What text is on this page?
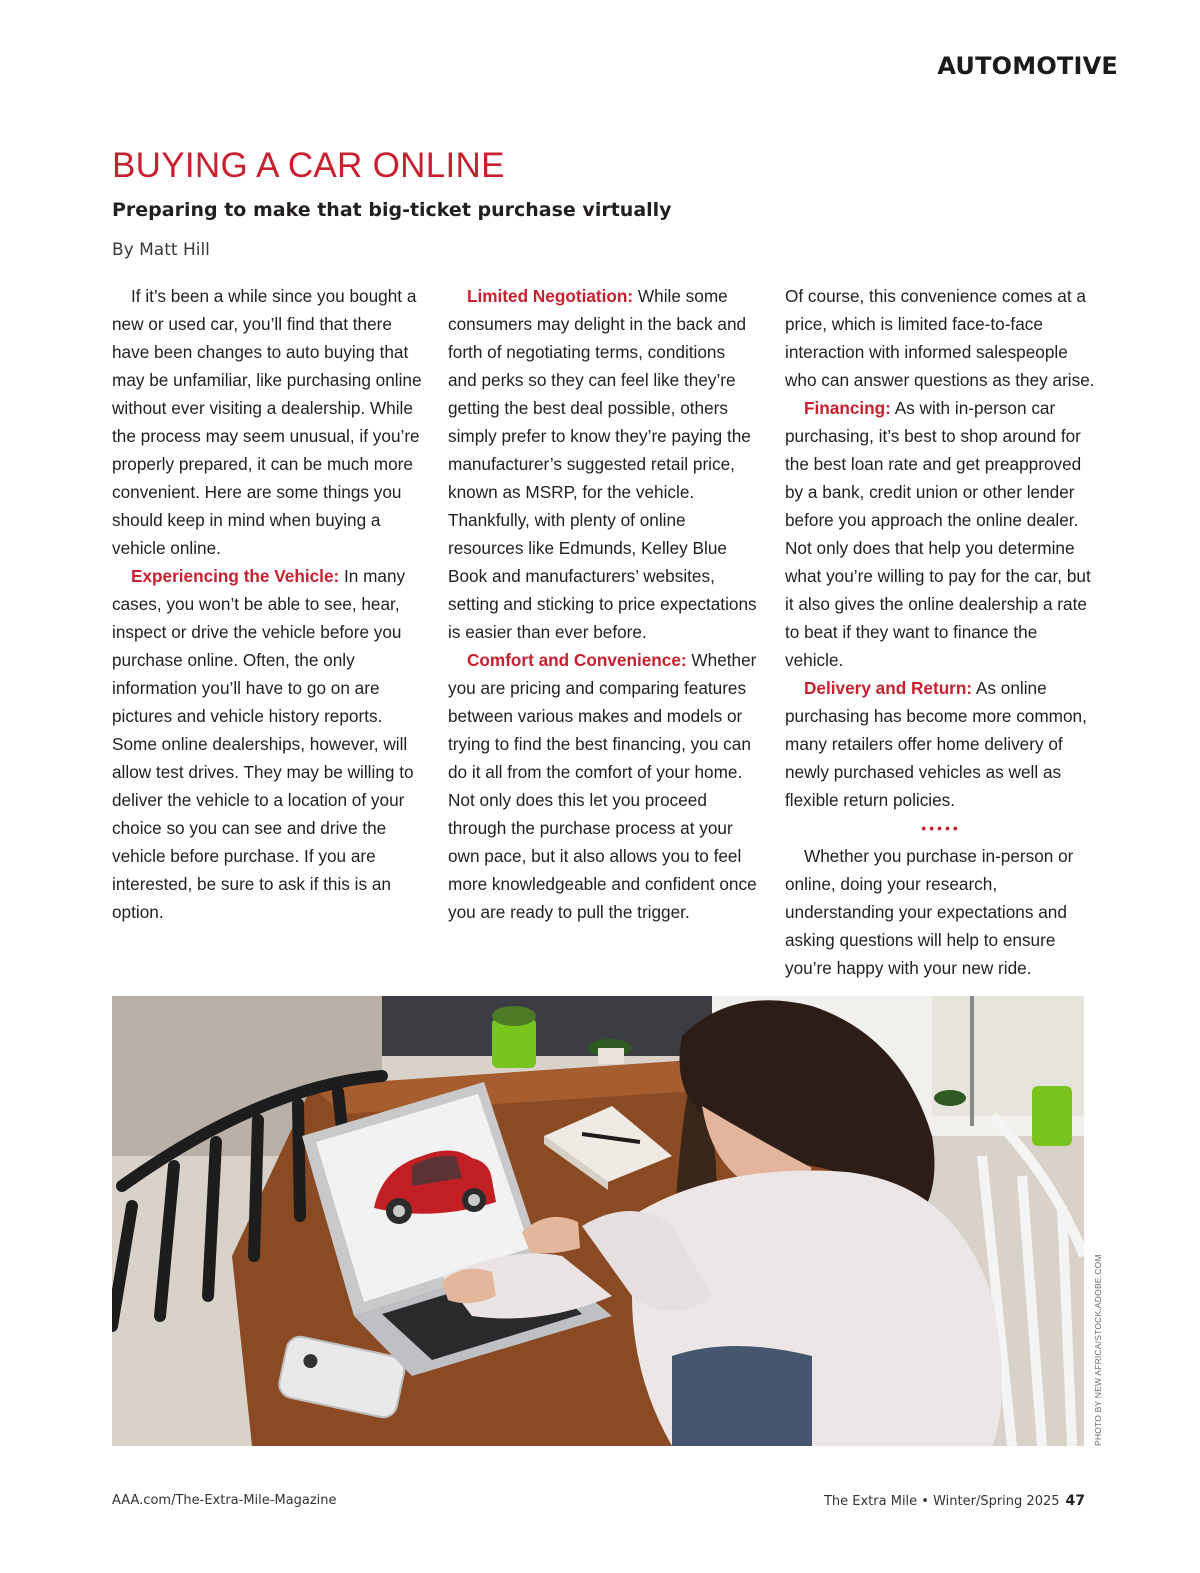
AUTOMOTIVE
BUYING A CAR ONLINE
Preparing to make that big-ticket purchase virtually
By Matt Hill

If it’s been a while since you bought a new or used car, you’ll find that there have been changes to auto buying that may be unfamiliar, like purchasing online without ever visiting a dealership. While the process may seem unusual, if you’re properly prepared, it can be much more convenient. Here are some things you should keep in mind when buying a vehicle online.

Experiencing the Vehicle: In many cases, you won’t be able to see, hear, inspect or drive the vehicle before you purchase online. Often, the only information you’ll have to go on are pictures and vehicle history reports. Some online dealerships, however, will allow test drives. They may be willing to deliver the vehicle to a location of your choice so you can see and drive the vehicle before purchase. If you are interested, be sure to ask if this is an option.

Limited Negotiation: While some consumers may delight in the back and forth of negotiating terms, conditions and perks so they can feel like they’re getting the best deal possible, others simply prefer to know they’re paying the manufacturer’s suggested retail price, known as MSRP, for the vehicle. Thankfully, with plenty of online resources like Edmunds, Kelley Blue Book and manufacturers’ websites, setting and sticking to price expectations is easier than ever before.

Comfort and Convenience: Whether you are pricing and comparing features between various makes and models or trying to find the best financing, you can do it all from the comfort of your home. Not only does this let you proceed through the purchase process at your own pace, but it also allows you to feel more knowledgeable and confident once you are ready to pull the trigger.

Of course, this convenience comes at a price, which is limited face-to-face interaction with informed salespeople who can answer questions as they arise.

Financing: As with in-person car purchasing, it’s best to shop around for the best loan rate and get preapproved by a bank, credit union or other lender before you approach the online dealer. Not only does that help you determine what you’re willing to pay for the car, but it also gives the online dealership a rate to beat if they want to finance the vehicle.

Delivery and Return: As online purchasing has become more common, many retailers offer home delivery of newly purchased vehicles as well as flexible return policies.

•••••

Whether you purchase in-person or online, doing your research, understanding your expectations and asking questions will help to ensure you’re happy with your new ride.

PHOTO BY NEW AFRICA/STOCK.ADOBE.COM
AAA.com/The-Extra-Mile-Magazine	The Extra Mile • Winter/Spring 2025 47
